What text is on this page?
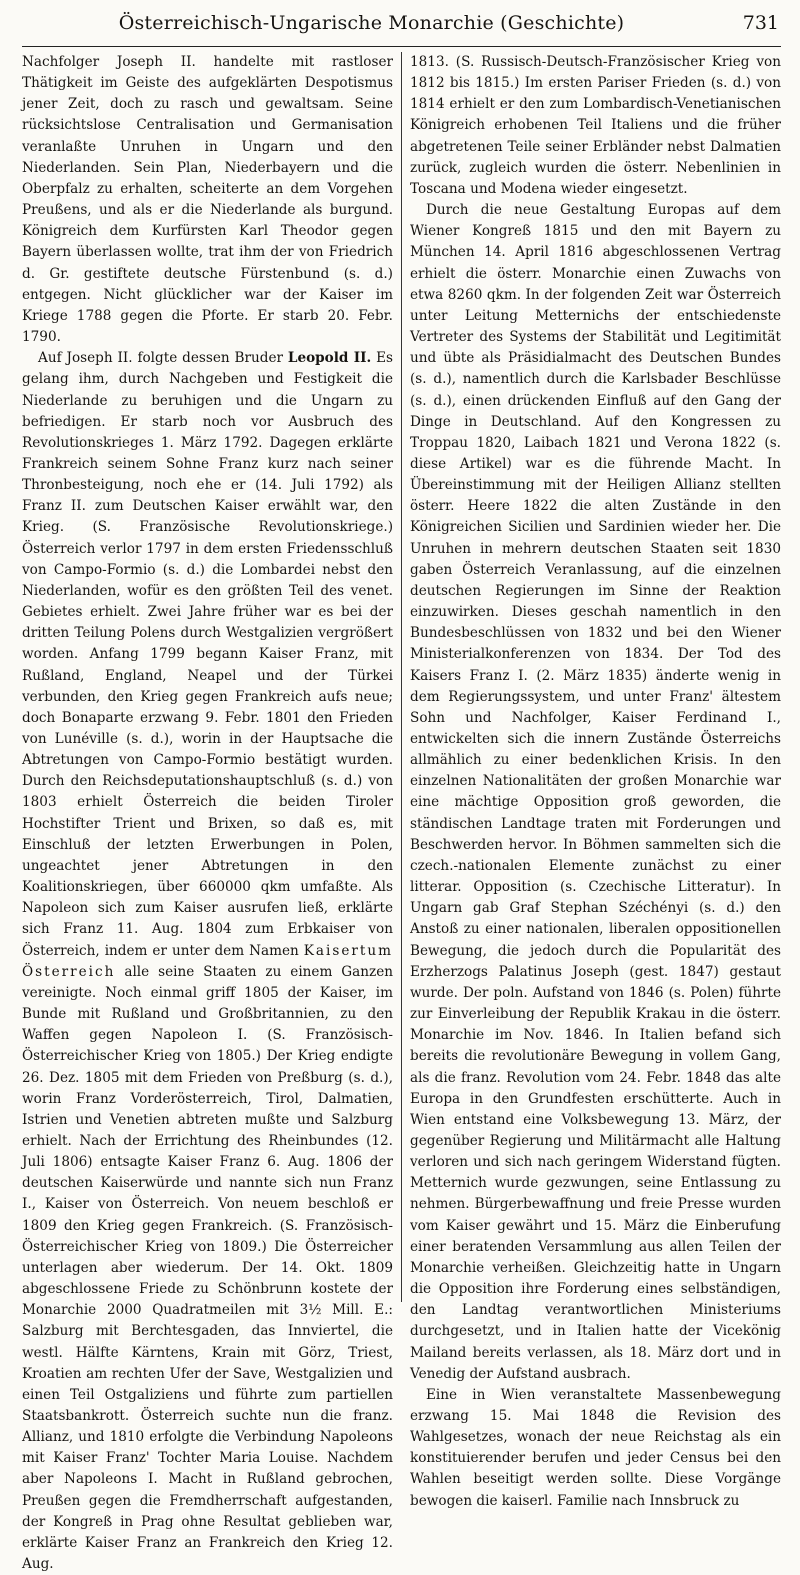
Österreichisch-Ungarische Monarchie (Geschichte)	731

Nachfolger Joseph II. handelte mit rastloser Thätigkeit im Geiste des aufgeklärten Despotismus jener Zeit, doch zu rasch und gewaltsam. Seine rücksichtslose Centralisation und Germanisation veranlaßte Unruhen in Ungarn und den Niederlanden. Sein Plan, Niederbayern und die Oberpfalz zu erhalten, scheiterte an dem Vorgehen Preußens, und als er die Niederlande als burgund. Königreich dem Kurfürsten Karl Theodor gegen Bayern überlassen wollte, trat ihm der von Friedrich d. Gr. gestiftete deutsche Fürstenbund (s. d.) entgegen. Nicht glücklicher war der Kaiser im Kriege 1788 gegen die Pforte. Er starb 20. Febr. 1790.

Auf Joseph II. folgte dessen Bruder Leopold II. Es gelang ihm, durch Nachgeben und Festigkeit die Niederlande zu beruhigen und die Ungarn zu befriedigen. Er starb noch vor Ausbruch des Revolutionskrieges 1. März 1792. Dagegen erklärte Frankreich seinem Sohne Franz kurz nach seiner Thronbesteigung, noch ehe er (14. Juli 1792) als Franz II. zum Deutschen Kaiser erwählt war, den Krieg. (S. Französische Revolutionskriege.) Österreich verlor 1797 in dem ersten Friedensschluß von Campo-Formio (s. d.) die Lombardei nebst den Niederlanden, wofür es den größten Teil des venet. Gebietes erhielt. Zwei Jahre früher war es bei der dritten Teilung Polens durch Westgalizien vergrößert worden. Anfang 1799 begann Kaiser Franz, mit Rußland, England, Neapel und der Türkei verbunden, den Krieg gegen Frankreich aufs neue; doch Bonaparte erzwang 9. Febr. 1801 den Frieden von Lunéville (s. d.), worin in der Hauptsache die Abtretungen von Campo-Formio bestätigt wurden. Durch den Reichsdeputationshauptschluß (s. d.) von 1803 erhielt Österreich die beiden Tiroler Hochstifter Trient und Brixen, so daß es, mit Einschluß der letzten Erwerbungen in Polen, ungeachtet jener Abtretungen in den Koalitionskriegen, über 660000 qkm umfaßte. Als Napoleon sich zum Kaiser ausrufen ließ, erklärte sich Franz 11. Aug. 1804 zum Erbkaiser von Österreich, indem er unter dem Namen Kaisertum Österreich alle seine Staaten zu einem Ganzen vereinigte. Noch einmal griff 1805 der Kaiser, im Bunde mit Rußland und Großbritannien, zu den Waffen gegen Napoleon I. (S. Französisch-Österreichischer Krieg von 1805.) Der Krieg endigte 26. Dez. 1805 mit dem Frieden von Preßburg (s. d.), worin Franz Vorderösterreich, Tirol, Dalmatien, Istrien und Venetien abtreten mußte und Salzburg erhielt. Nach der Errichtung des Rheinbundes (12. Juli 1806) entsagte Kaiser Franz 6. Aug. 1806 der deutschen Kaiserwürde und nannte sich nun Franz I., Kaiser von Österreich. Von neuem beschloß er 1809 den Krieg gegen Frankreich. (S. Französisch-Österreichischer Krieg von 1809.) Die Österreicher unterlagen aber wiederum. Der 14. Okt. 1809 abgeschlossene Friede zu Schönbrunn kostete der Monarchie 2000 Quadratmeilen mit 3½ Mill. E.: Salzburg mit Berchtesgaden, das Innviertel, die westl. Hälfte Kärntens, Krain mit Görz, Triest, Kroatien am rechten Ufer der Save, Westgalizien und einen Teil Ostgaliziens und führte zum partiellen Staatsbankrott. Österreich suchte nun die franz. Allianz, und 1810 erfolgte die Verbindung Napoleons mit Kaiser Franz' Tochter Maria Louise. Nachdem aber Napoleons I. Macht in Rußland gebrochen, Preußen gegen die Fremdherrschaft aufgestanden, der Kongreß in Prag ohne Resultat geblieben war, erklärte Kaiser Franz an Frankreich den Krieg 12. Aug.

1813. (S. Russisch-Deutsch-Französischer Krieg von 1812 bis 1815.) Im ersten Pariser Frieden (s. d.) von 1814 erhielt er den zum Lombardisch-Venetianischen Königreich erhobenen Teil Italiens und die früher abgetretenen Teile seiner Erbländer nebst Dalmatien zurück, zugleich wurden die österr. Nebenlinien in Toscana und Modena wieder eingesetzt.

Durch die neue Gestaltung Europas auf dem Wiener Kongreß 1815 und den mit Bayern zu München 14. April 1816 abgeschlossenen Vertrag erhielt die österr. Monarchie einen Zuwachs von etwa 8260 qkm. In der folgenden Zeit war Österreich unter Leitung Metternichs der entschiedenste Vertreter des Systems der Stabilität und Legitimität und übte als Präsidialmacht des Deutschen Bundes (s. d.), namentlich durch die Karlsbader Beschlüsse (s. d.), einen drückenden Einfluß auf den Gang der Dinge in Deutschland. Auf den Kongressen zu Troppau 1820, Laibach 1821 und Verona 1822 (s. diese Artikel) war es die führende Macht. In Übereinstimmung mit der Heiligen Allianz stellten österr. Heere 1822 die alten Zustände in den Königreichen Sicilien und Sardinien wieder her. Die Unruhen in mehrern deutschen Staaten seit 1830 gaben Österreich Veranlassung, auf die einzelnen deutschen Regierungen im Sinne der Reaktion einzuwirken. Dieses geschah namentlich in den Bundesbeschlüssen von 1832 und bei den Wiener Ministerialkonferenzen von 1834. Der Tod des Kaisers Franz I. (2. März 1835) änderte wenig in dem Regierungssystem, und unter Franz' ältestem Sohn und Nachfolger, Kaiser Ferdinand I., entwickelten sich die innern Zustände Österreichs allmählich zu einer bedenklichen Krisis. In den einzelnen Nationalitäten der großen Monarchie war eine mächtige Opposition groß geworden, die ständischen Landtage traten mit Forderungen und Beschwerden hervor. In Böhmen sammelten sich die czech.-nationalen Elemente zunächst zu einer litterar. Opposition (s. Czechische Litteratur). In Ungarn gab Graf Stephan Széchényi (s. d.) den Anstoß zu einer nationalen, liberalen oppositionellen Bewegung, die jedoch durch die Popularität des Erzherzogs Palatinus Joseph (gest. 1847) gestaut wurde. Der poln. Aufstand von 1846 (s. Polen) führte zur Einverleibung der Republik Krakau in die österr. Monarchie im Nov. 1846. In Italien befand sich bereits die revolutionäre Bewegung in vollem Gang, als die franz. Revolution vom 24. Febr. 1848 das alte Europa in den Grundfesten erschütterte. Auch in Wien entstand eine Volksbewegung 13. März, der gegenüber Regierung und Militärmacht alle Haltung verloren und sich nach geringem Widerstand fügten. Metternich wurde gezwungen, seine Entlassung zu nehmen. Bürgerbewaffnung und freie Presse wurden vom Kaiser gewährt und 15. März die Einberufung einer beratenden Versammlung aus allen Teilen der Monarchie verheißen. Gleichzeitig hatte in Ungarn die Opposition ihre Forderung eines selbständigen, den Landtag verantwortlichen Ministeriums durchgesetzt, und in Italien hatte der Vicekönig Mailand bereits verlassen, als 18. März dort und in Venedig der Aufstand ausbrach.

Eine in Wien veranstaltete Massenbewegung erzwang 15. Mai 1848 die Revision des Wahlgesetzes, wonach der neue Reichstag als ein konstituierender berufen und jeder Census bei den Wahlen beseitigt werden sollte. Diese Vorgänge bewogen die kaiserl. Familie nach Innsbruck zu
